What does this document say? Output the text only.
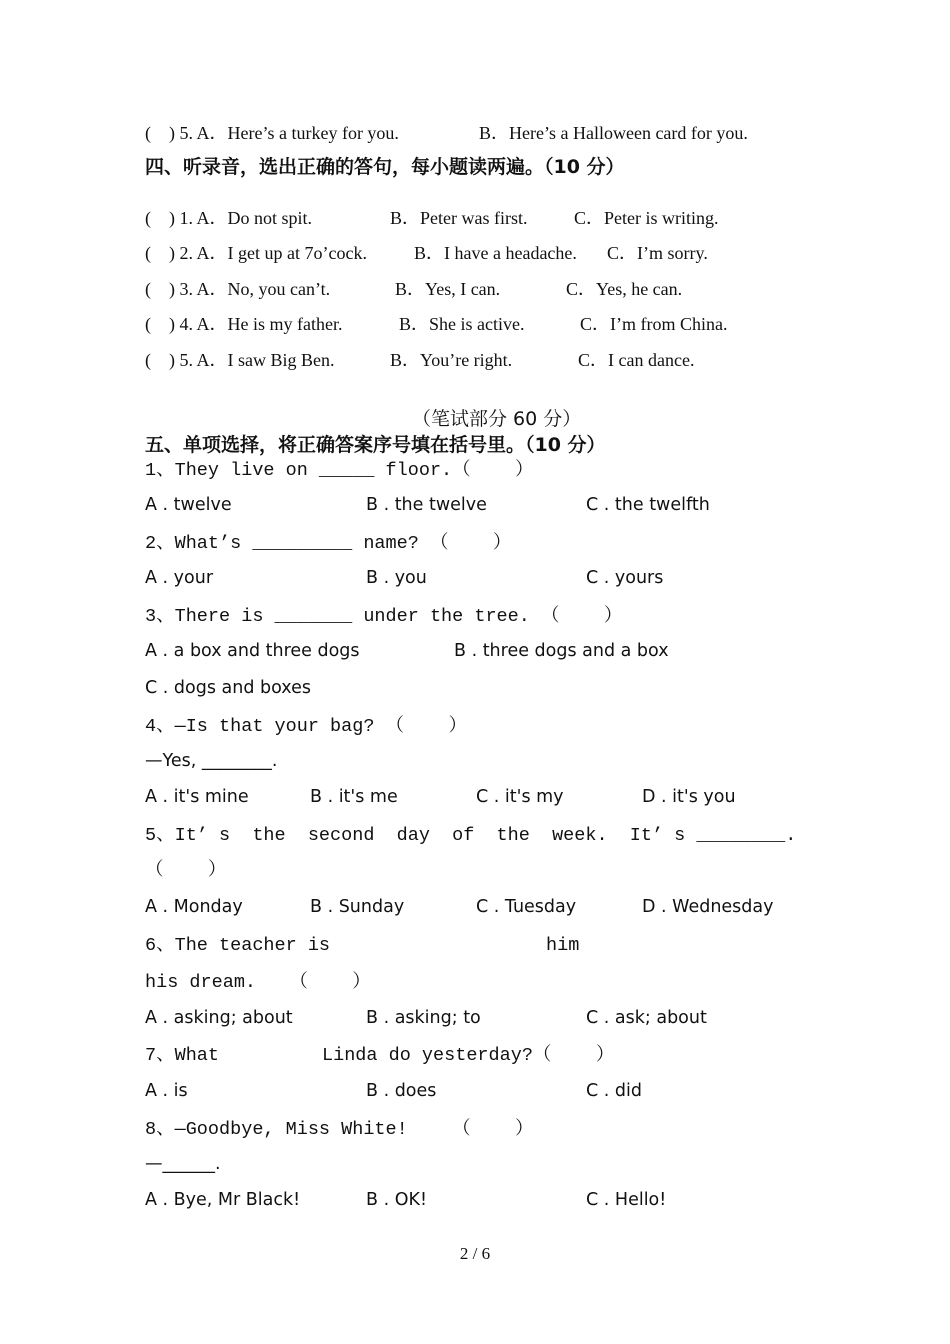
(    ) 5. A．Here’s a turkey for you.	B．Here’s a Halloween card for you.
四、听录音，选出正确的答句，每小题读两遍。（10 分）
(    ) 1. A．Do not spit.	B．Peter was first.	C．Peter is writing.
(    ) 2. A．I get up at 7o’cock.	B．I have a headache. C．I’m sorry.
(    ) 3. A．No, you can’t.	B．Yes, I can.	C．Yes, he can.
(    ) 4. A．He is my father.	B．She is active.	C．I’m from China.
(    ) 5. A．I saw Big Ben.	B．You’re right.	C．I can dance.
（笔试部分 60 分）
五、单项选择，将正确答案序号填在括号里。（10 分）
1、They live on _____ floor.（    ）
A . twelve	B . the twelve	C . the twelfth
2、What’s _________ name? （    ）
A . your	B . you	C . yours
3、There is _______ under the tree. （    ）
A . a box and three dogs	B . three dogs and a box
C . dogs and boxes
4、—Is that your bag? （    ）
—Yes, ________.
A . it's mine	B . it's me	C . it's my	D . it's you
5、It’ s  the  second  day  of  the  week.  It’ s ________.
（    ）
A . Monday	B . Sunday	C . Tuesday	D . Wednesday
6、The teacher is	him
his dream.   （    ）
A . asking; about	B . asking; to	C . ask; about
7、What	Linda do yesterday?（    ）
A . is	B . does	C . did
8、—Goodbye, Miss White!    （    ）
—______.
A . Bye, Mr Black!	B . OK!	C . Hello!
2 / 6
